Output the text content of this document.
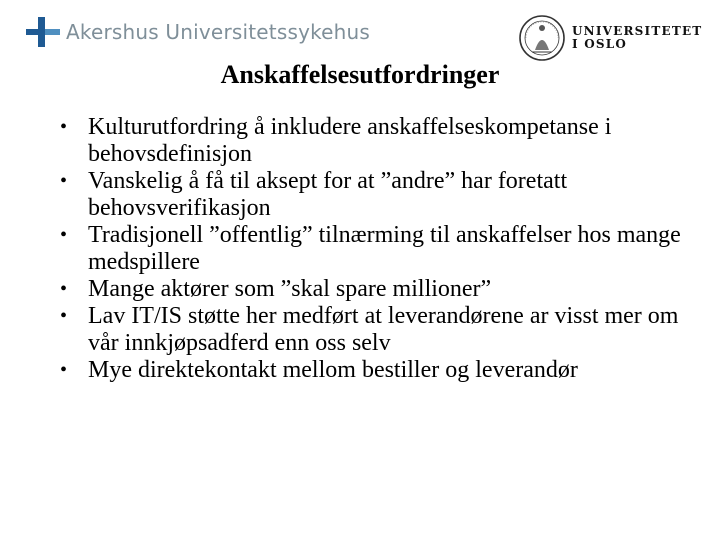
Akershus Universitetssykehus	UNIVERSITETET
I OSLO
Anskaffelsesutfordringer
• Kulturutfordring å inkludere anskaffelseskompetanse i behovsdefinisjon
• Vanskelig å få til aksept for at ”andre” har foretatt behovsverifikasjon
• Tradisjonell ”offentlig” tilnærming til anskaffelser hos mange medspillere
• Mange aktører som ”skal spare millioner”
• Lav IT/IS støtte her medført at leverandørene ar visst mer om vår innkjøpsadferd enn oss selv
• Mye direktekontakt mellom bestiller og leverandør
